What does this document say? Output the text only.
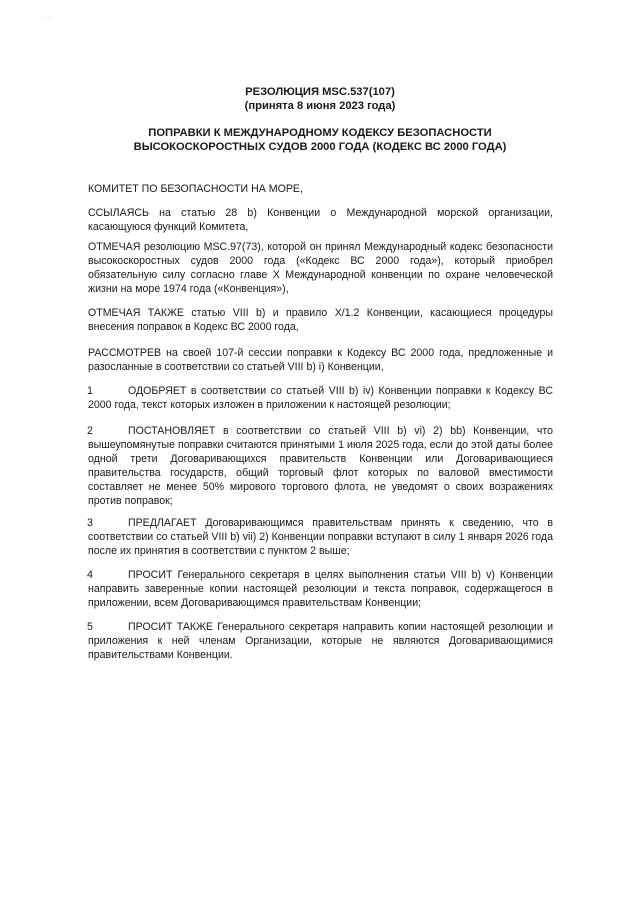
· ·
РЕЗОЛЮЦИЯ MSC.537(107)
(принята 8 июня 2023 года)
ПОПРАВКИ К МЕЖДУНАРОДНОМУ КОДЕКСУ БЕЗОПАСНОСТИ
ВЫСОКОСКОРОСТНЫХ СУДОВ 2000 ГОДА (КОДЕКС ВС 2000 ГОДА)
КОМИТЕТ ПО БЕЗОПАСНОСТИ НА МОРЕ,
ССЫЛАЯСЬ на статью 28 b) Конвенции о Международной морской организации, касающуюся функций Комитета,
ОТМЕЧАЯ резолюцию MSC.97(73), которой он принял Международный кодекс безопасности высокоскоростных судов 2000 года («Кодекс ВС 2000 года»), который приобрел обязательную силу согласно главе X Международной конвенции по охране человеческой жизни на море 1974 года («Конвенция»),
ОТМЕЧАЯ ТАКЖЕ статью VIII b) и правило X/1.2 Конвенции, касающиеся процедуры внесения поправок в Кодекс ВС 2000 года,
РАССМОТРЕВ на своей 107-й сессии поправки к Кодексу ВС 2000 года, предложенные и разосланные в соответствии со статьей VIII b) i) Конвенции,
1	ОДОБРЯЕТ в соответствии со статьей VIII b) iv) Конвенции поправки к Кодексу ВС 2000 года, текст которых изложен в приложении к настоящей резолюции;
2	ПОСТАНОВЛЯЕТ в соответствии со статьей VIII b) vi) 2) bb) Конвенции, что вышеупомянутые поправки считаются принятыми 1 июля 2025 года, если до этой даты более одной трети Договаривающихся правительств Конвенции или Договаривающиеся правительства государств, общий торговый флот которых по валовой вместимости составляет не менее 50% мирового торгового флота, не уведомят о своих возражениях против поправок;
3	ПРЕДЛАГАЕТ Договаривающимся правительствам принять к сведению, что в соответствии со статьей VIII b) vii) 2) Конвенции поправки вступают в силу 1 января 2026 года после их принятия в соответствии с пунктом 2 выше;
4	ПРОСИТ Генерального секретаря в целях выполнения статьи VIII b) v) Конвенции направить заверенные копии настоящей резолюции и текста поправок, содержащегося в приложении, всем Договаривающимся правительствам Конвенции;
5	ПРОСИТ ТАКЖЕ Генерального секретаря направить копии настоящей резолюции и приложения к ней членам Организации, которые не являются Договаривающимися правительствами Конвенции.
